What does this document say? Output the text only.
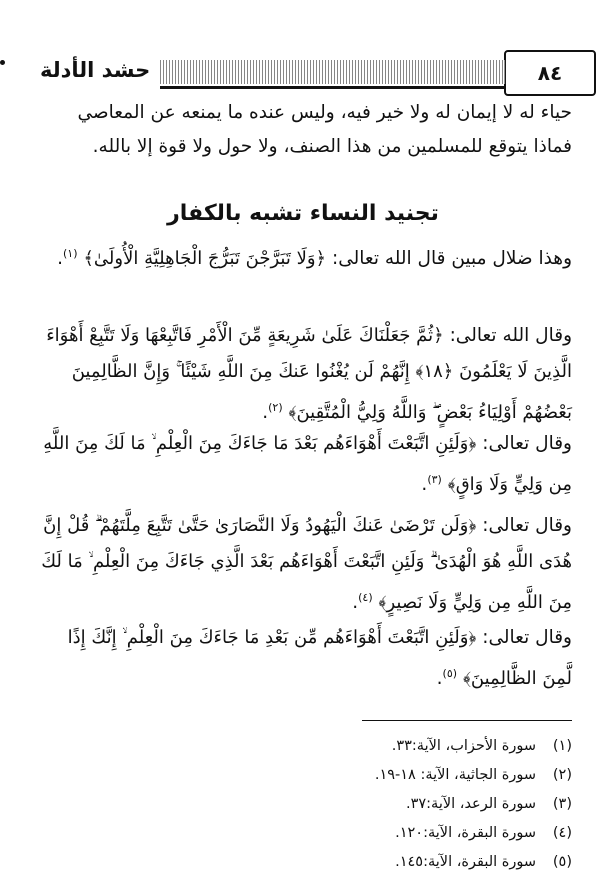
٨٤
حشد الأدلة
حياء له لا إيمان له ولا خير فيه، وليس عنده ما يمنعه عن المعاصي
فماذا يتوقع للمسلمين من هذا الصنف، ولا حول ولا قوة إلا بالله.
تجنيد النساء تشبه بالكفار
وهذا ضلال مبين قال الله تعالى: ﴿وَلَا تَبَرَّجْنَ تَبَرُّجَ الْجَاهِلِيَّةِ الْأُولَىٰ﴾ $^{(١)}$.
وقال الله تعالى: ﴿ثُمَّ جَعَلْنَاكَ عَلَىٰ شَرِيعَةٍ مِّنَ الْأَمْرِ فَاتَّبِعْهَا وَلَا تَتَّبِعْ أَهْوَاءَ الَّذِينَ لَا يَعْلَمُونَ ﴿١٨﴾ إِنَّهُمْ لَن يُغْنُوا عَنكَ مِنَ اللَّهِ شَيْئًا ۚ وَإِنَّ الظَّالِمِينَ بَعْضُهُمْ أَوْلِيَاءُ بَعْضٍ ۖ وَاللَّهُ وَلِيُّ الْمُتَّقِينَ﴾ $^{(٢)}$.
وقال تعالى: ﴿وَلَئِنِ اتَّبَعْتَ أَهْوَاءَهُم بَعْدَ مَا جَاءَكَ مِنَ الْعِلْمِ ۙ مَا لَكَ مِنَ اللَّهِ مِن وَلِيٍّ وَلَا وَاقٍ﴾ $^{(٣)}$.
وقال تعالى: ﴿وَلَن تَرْضَىٰ عَنكَ الْيَهُودُ وَلَا النَّصَارَىٰ حَتَّىٰ تَتَّبِعَ مِلَّتَهُمْ ۗ قُلْ إِنَّ هُدَى اللَّهِ هُوَ الْهُدَىٰ ۗ وَلَئِنِ اتَّبَعْتَ أَهْوَاءَهُم بَعْدَ الَّذِي جَاءَكَ مِنَ الْعِلْمِ ۙ مَا لَكَ مِنَ اللَّهِ مِن وَلِيٍّ وَلَا نَصِيرٍ﴾ $^{(٤)}$.
وقال تعالى: ﴿وَلَئِنِ اتَّبَعْتَ أَهْوَاءَهُم مِّن بَعْدِ مَا جَاءَكَ مِنَ الْعِلْمِ ۙ إِنَّكَ إِذًا لَّمِنَ الظَّالِمِينَ﴾ $^{(٥)}$.
(١)
سورة الأحزاب، الآية:٣٣.
(٢)
سورة الجاثية، الآية: ١٨-١٩.
(٣)
سورة الرعد، الآية:٣٧.
(٤)
سورة البقرة، الآية:١٢٠.
(٥)
سورة البقرة، الآية:١٤٥.
